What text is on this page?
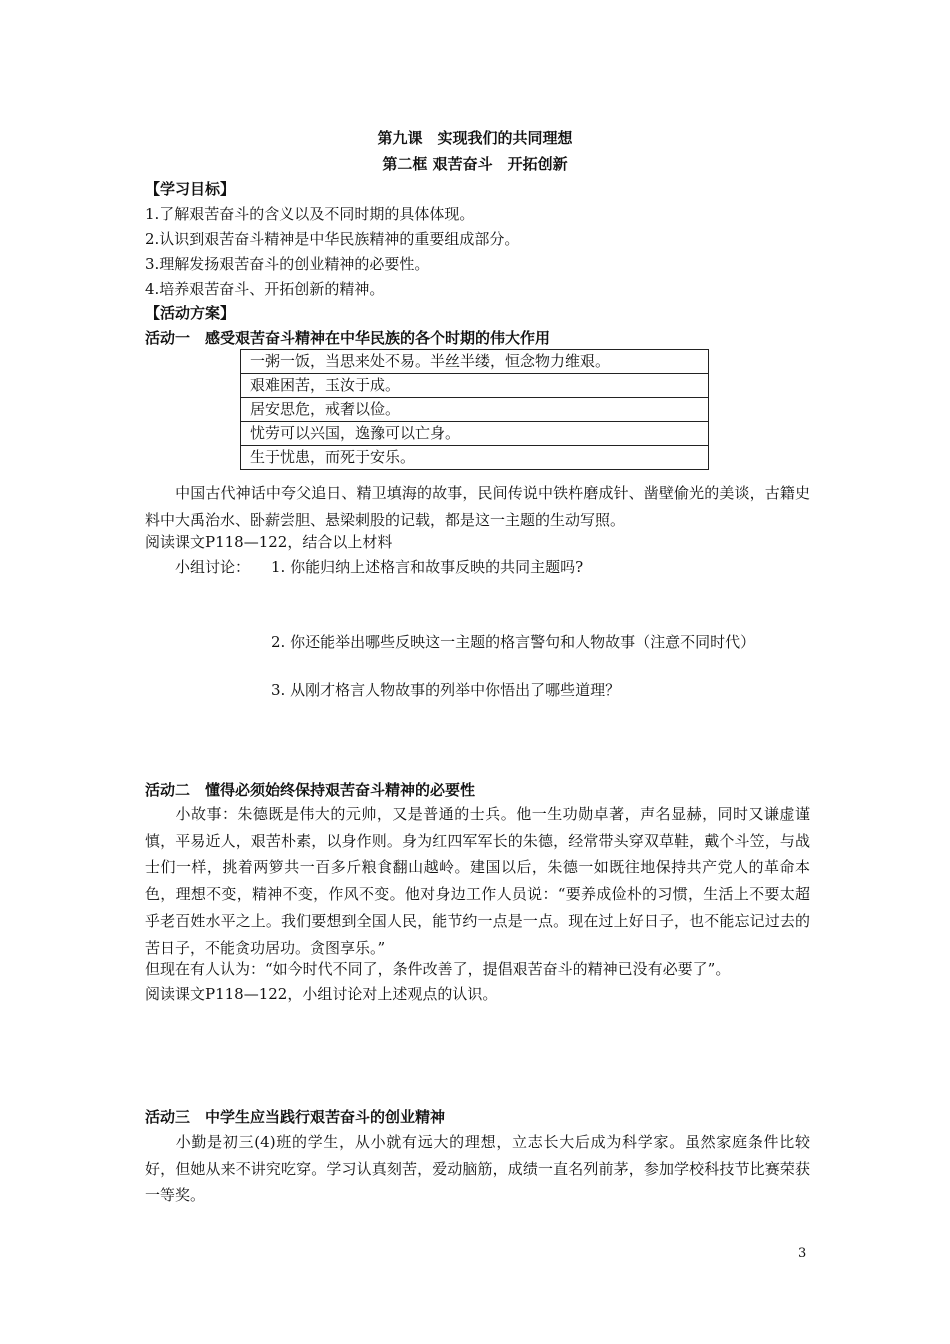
第九课　实现我们的共同理想
第二框 艰苦奋斗　开拓创新
【学习目标】
1.了解艰苦奋斗的含义以及不同时期的具体体现。
2.认识到艰苦奋斗精神是中华民族精神的重要组成部分。
3.理解发扬艰苦奋斗的创业精神的必要性。
4.培养艰苦奋斗、开拓创新的精神。
【活动方案】
活动一　感受艰苦奋斗精神在中华民族的各个时期的伟大作用
一粥一饭，当思来处不易。半丝半缕，恒念物力维艰。
艰难困苦，玉汝于成。
居安思危，戒奢以俭。
忧劳可以兴国，逸豫可以亡身。
生于忧患，而死于安乐。
中国古代神话中夸父追日、精卫填海的故事，民间传说中铁杵磨成针、凿壁偷光的美谈，古籍史料中大禹治水、卧薪尝胆、悬梁刺股的记载，都是这一主题的生动写照。
阅读课文P118—122，结合以上材料
小组讨论： 1. 你能归纳上述格言和故事反映的共同主题吗?
2. 你还能举出哪些反映这一主题的格言警句和人物故事（注意不同时代）
3. 从刚才格言人物故事的列举中你悟出了哪些道理？
活动二　懂得必须始终保持艰苦奋斗精神的必要性
小故事：朱德既是伟大的元帅，又是普通的士兵。他一生功勋卓著，声名显赫，同时又谦虚谨慎，平易近人，艰苦朴素，以身作则。身为红四军军长的朱德，经常带头穿双草鞋，戴个斗笠，与战士们一样，挑着两箩共一百多斤粮食翻山越岭。建国以后，朱德一如既往地保持共产党人的革命本色，理想不变，精神不变，作风不变。他对身边工作人员说：“要养成俭朴的习惯，生活上不要太超乎老百姓水平之上。我们要想到全国人民，能节约一点是一点。现在过上好日子，也不能忘记过去的苦日子，不能贪功居功。贪图享乐。”
但现在有人认为：“如今时代不同了，条件改善了，提倡艰苦奋斗的精神已没有必要了”。
阅读课文P118—122，小组讨论对上述观点的认识。
活动三　中学生应当践行艰苦奋斗的创业精神
小勤是初三(4)班的学生，从小就有远大的理想，立志长大后成为科学家。虽然家庭条件比较好，但她从来不讲究吃穿。学习认真刻苦，爱动脑筋，成绩一直名列前茅，参加学校科技节比赛荣获一等奖。
3
